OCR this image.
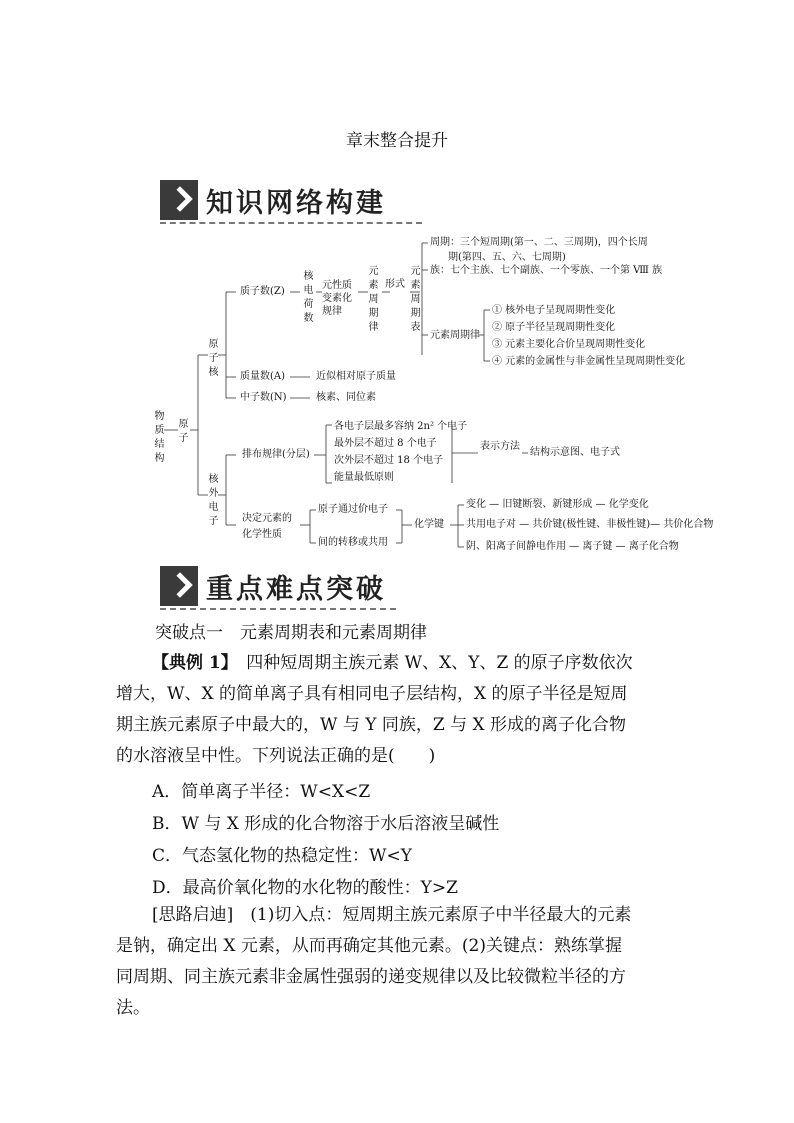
章末整合提升
知识网络构建
物质结构
原子
原子核
质子数(Z)
质量数(A)	近似相对原子质量
中子数(N)	核素、同位素
核电荷数
元性质变素化规律
元素周期律
形式
元素周期表
周期：三个短周期(第一、二、三周期)，四个长周
期(第四、五、六、七周期)
族：七个主族、七个副族、一个零族、一个第 Ⅷ 族
元素周期律
① 核外电子呈现周期性变化
② 原子半径呈现周期性变化
③ 元素主要化合价呈现周期性变化
④ 元素的金属性与非金属性呈现周期性变化
核外电子
排布规律(分层)
各电子层最多容纳 2n² 个电子
最外层不超过 8 个电子
次外层不超过 18 个电子
能量最低原则
表示方法
结构示意图、电子式
决定元素的
化学性质
原子通过价电子
间的转移或共用
化学键
变化 — 旧键断裂、新键形成 — 化学变化
共用电子对 — 共价键(极性键、非极性键)— 共价化合物
阴、阳离子间静电作用 — 离子键 — 离子化合物
重点难点突破
突破点一　元素周期表和元素周期律
【典例 1】　四种短周期主族元素 W、X、Y、Z 的原子序数依次
增大，W、X 的简单离子具有相同电子层结构，X 的原子半径是短周
期主族元素原子中最大的，W 与 Y 同族，Z 与 X 形成的离子化合物
的水溶液呈中性。下列说法正确的是(　　)
A．简单离子半径：W<X<Z
B．W 与 X 形成的化合物溶于水后溶液呈碱性
C．气态氢化物的热稳定性：W<Y
D．最高价氧化物的水化物的酸性：Y>Z
[思路启迪]　(1)切入点：短周期主族元素原子中半径最大的元素
是钠，确定出 X 元素，从而再确定其他元素。(2)关键点：熟练掌握
同周期、同主族元素非金属性强弱的递变规律以及比较微粒半径的方
法。
